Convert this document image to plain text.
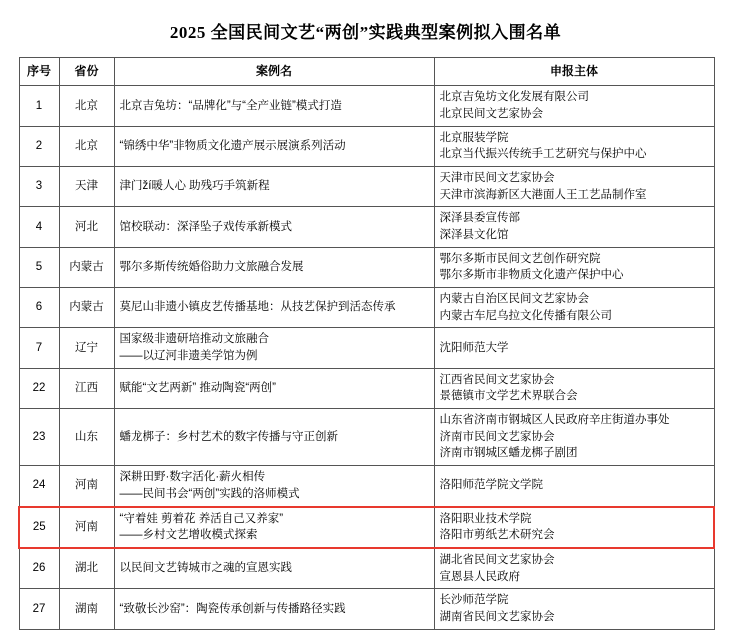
2025 全国民间文艺“两创”实践典型案例拟入围名单
序号	省份	案例名	申报主体
1	北京	北京吉兔坊：“品牌化”与“全产业链”模式打造	北京吉兔坊文化发展有限公司
北京民间文艺家协会

2	北京	“锦绣中华”非物质文化遗产展示展演系列活动	北京服装学院
北京当代振兴传统手工艺研究与保护中心

3	天津	津门ží暖人心 助残巧手筑新程	天津市民间文艺家协会
天津市滨海新区大港面人王工艺品制作室

4	河北	馆校联动：深泽坠子戏传承新模式	深泽县委宣传部
深泽县文化馆

5	内蒙古	鄂尔多斯传统婚俗助力文旅融合发展	鄂尔多斯市民间文艺创作研究院
鄂尔多斯市非物质文化遗产保护中心

6	内蒙古	莫尼山非遗小镇皮艺传播基地：从技艺保护到活态传承	内蒙古自治区民间文艺家协会
内蒙古车尼乌拉文化传播有限公司

7	辽宁	国家级非遗研培推动文旅融合
——以辽河非遗美学馆为例	沈阳师范大学

22	江西	赋能“文艺两新” 推动陶瓷“两创”	江西省民间文艺家协会
景德镇市文学艺术界联合会

23	山东	蟠龙梆子：乡村艺术的数字传播与守正创新	山东省济南市钢城区人民政府辛庄街道办事处
济南市民间文艺家协会
济南市钢城区蟠龙梆子剧团

24	河南	深耕田野·数字活化·薪火相传
——民间书会“两创”实践的洛师模式	洛阳师范学院文学院

25	河南	“守着娃 剪着花 养活自己又养家”
——乡村文艺增收模式探索	洛阳职业技术学院
洛阳市剪纸艺术研究会

26	湖北	以民间文艺铸城市之魂的宣恩实践	湖北省民间文艺家协会
宣恩县人民政府

27	湖南	“致敬长沙窑”：陶瓷传承创新与传播路径实践	长沙师范学院
湖南省民间文艺家协会
